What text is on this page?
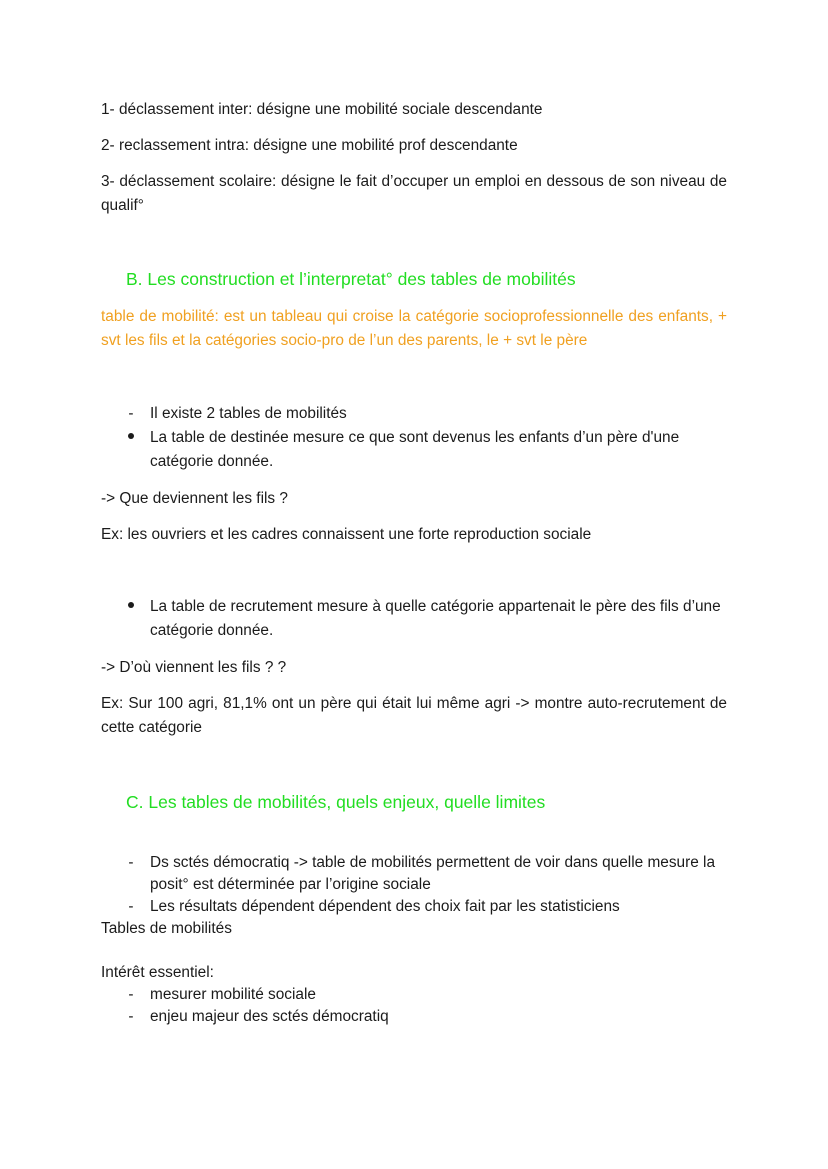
1- déclassement inter: désigne une mobilité sociale descendante

2- reclassement intra: désigne une mobilité prof descendante

3- déclassement scolaire: désigne le fait d’occuper un emploi en dessous de son niveau de qualif°

B. Les construction et l’interpretat° des tables de mobilités

table de mobilité: est un tableau qui croise la catégorie socioprofessionnelle des enfants, + svt les fils et la catégories socio-pro de l’un des parents, le + svt le père

- Il existe 2 tables de mobilités
La table de destinée mesure ce que sont devenus les enfants d’un père d'une catégorie donnée.

-> Que deviennent les fils ?

Ex: les ouvriers et les cadres connaissent une forte reproduction sociale

La table de recrutement mesure à quelle catégorie appartenait le père des fils d’une catégorie donnée.

-> D’où viennent les fils ? ?

Ex: Sur 100 agri, 81,1% ont un père qui était lui même agri -> montre auto-recrutement de cette catégorie

C. Les tables de mobilités, quels enjeux, quelle limites
- Ds sctés démocratiq -> table de mobilités permettent de voir dans quelle mesure la posit° est déterminée par l’origine sociale
- Les résultats dépendent dépendent des choix fait par les statisticiens

Tables de mobilités

Intérêt essentiel:

- mesurer mobilité sociale
- enjeu majeur des sctés démocratiq
